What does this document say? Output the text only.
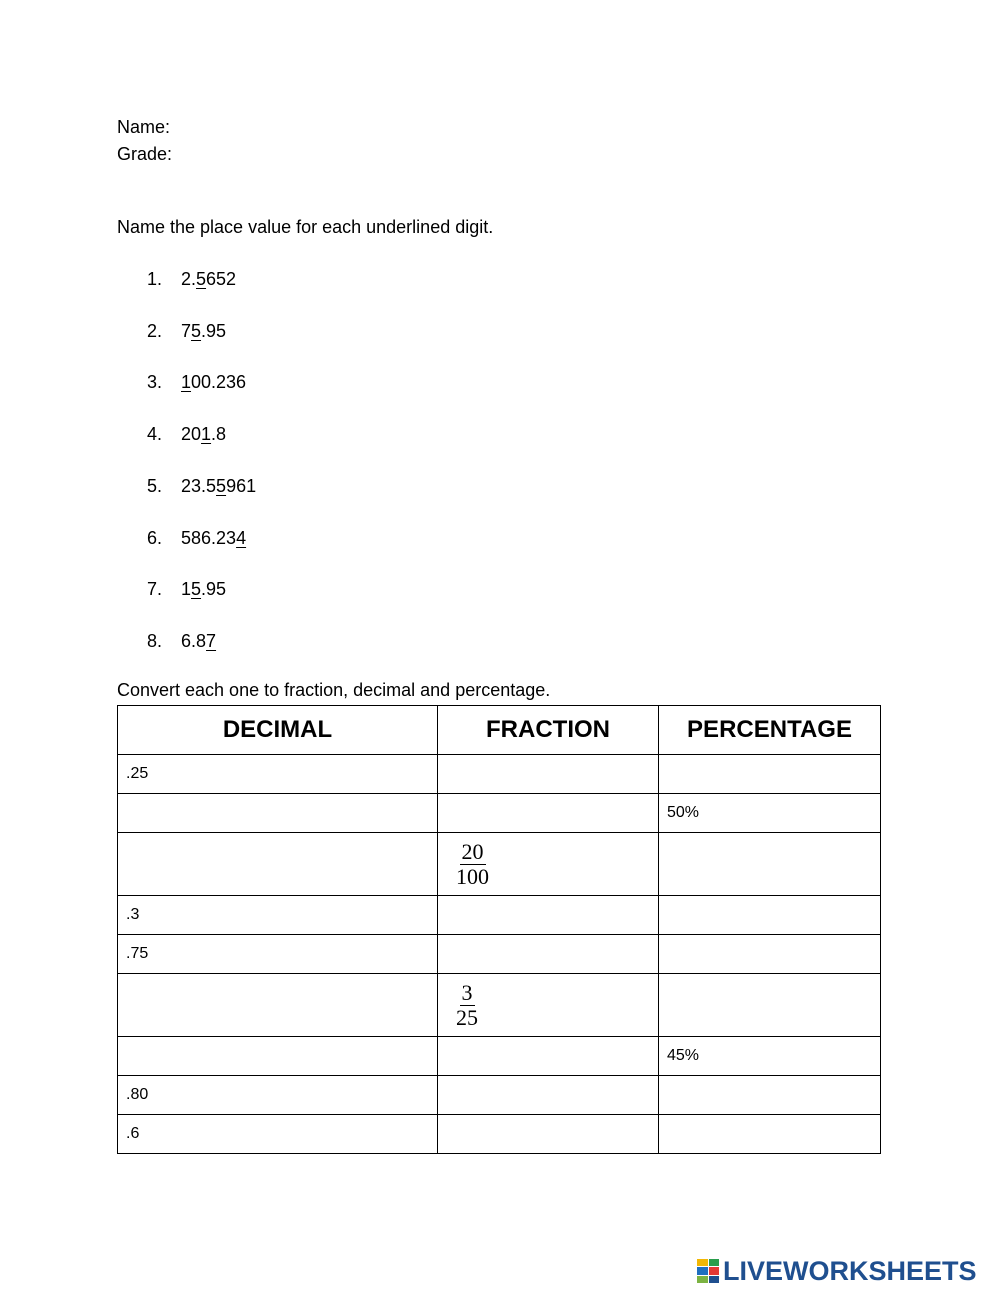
Name:
Grade:
Name the place value for each underlined digit.
1. 2.5652
2. 75.95
3. 100.236
4. 201.8
5. 23.55961
6. 586.234
7. 15.95
8. 6.87
Convert each one to fraction, decimal and percentage.
DECIMAL	FRACTION	PERCENTAGE
.25		
		50%

	$\frac{20}{100}$

.3		
.75		

	$\frac{3}{25}$

		45%
.80		
.6		
LIVEWORKSHEETS
